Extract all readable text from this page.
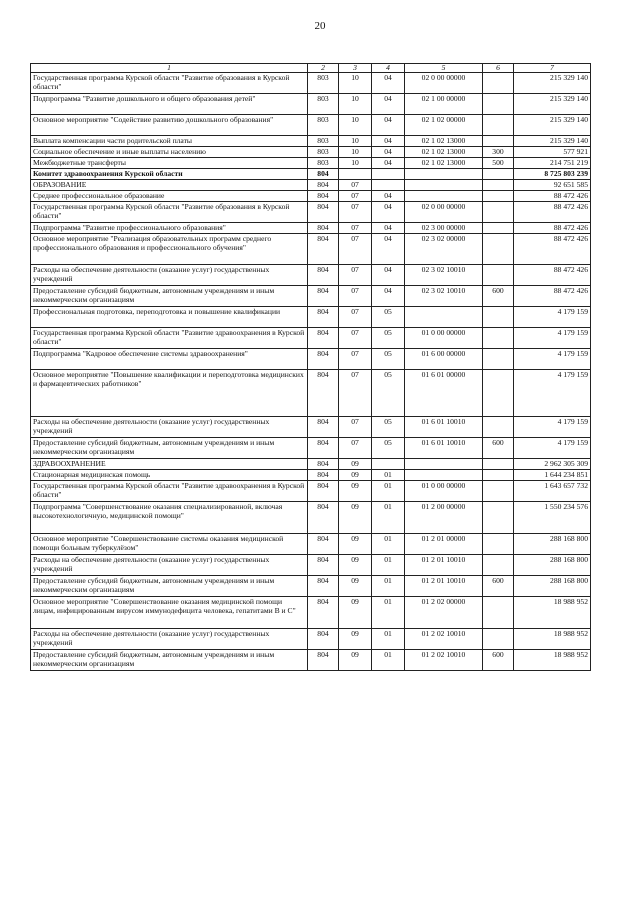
20
1	2	3	4	5	6	7
Государственная программа Курской области "Развитие образования в Курской области"	803	10	04	02 0 00 00000		215 329 140
Подпрограмма "Развитие дошкольного и общего образования детей"	803	10	04	02 1 00 00000		215 329 140
Основное мероприятие "Содействие развитию дошкольного образования"	803	10	04	02 1 02 00000		215 329 140
Выплата компенсации части родительской платы	803	10	04	02 1 02 13000		215 329 140
Социальное обеспечение и иные выплаты населению	803	10	04	02 1 02 13000	300	577 921
Межбюджетные трансферты	803	10	04	02 1 02 13000	500	214 751 219
Комитет здравоохранения Курской области	804					8 725 803 239
ОБРАЗОВАНИЕ	804	07				92 651 585
Среднее профессиональное образование	804	07	04			88 472 426
Государственная программа Курской области "Развитие образования в Курской области"	804	07	04	02 0 00 00000		88 472 426
Подпрограмма "Развитие профессионального образования"	804	07	04	02 3 00 00000		88 472 426
Основное мероприятие "Реализация образовательных программ среднего профессионального образования и профессионального обучения"	804	07	04	02 3 02 00000		88 472 426
Расходы на обеспечение деятельности (оказание услуг) государственных учреждений	804	07	04	02 3 02 10010		88 472 426
Предоставление субсидий бюджетным, автономным учреждениям и иным некоммерческим организациям	804	07	04	02 3 02 10010	600	88 472 426
Профессиональная подготовка, переподготовка и повышение квалификации	804	07	05			4 179 159
Государственная программа Курской области "Развитие здравоохранения в Курской области"	804	07	05	01 0 00 00000		4 179 159
Подпрограмма "Кадровое обеспечение системы здравоохранения"	804	07	05	01 6 00 00000		4 179 159
Основное мероприятие "Повышение квалификации и переподготовка медицинских и фармацевтических работников"	804	07	05	01 6 01 00000		4 179 159
Расходы на обеспечение деятельности (оказание услуг) государственных учреждений	804	07	05	01 6 01 10010		4 179 159
Предоставление субсидий бюджетным, автономным учреждениям и иным некоммерческим организациям	804	07	05	01 6 01 10010	600	4 179 159
ЗДРАВООХРАНЕНИЕ	804	09				2 962 305 309
Стационарная медицинская помощь	804	09	01			1 644 234 851
Государственная программа Курской области "Развитие здравоохранения в Курской области"	804	09	01	01 0 00 00000		1 643 657 732
Подпрограмма "Совершенствование оказания специализированной, включая высокотехнологичную, медицинской помощи"	804	09	01	01 2 00 00000		1 550 234 576
Основное мероприятие "Совершенствование системы оказания медицинской помощи больным туберкулёзом"	804	09	01	01 2 01 00000		288 168 800
Расходы на обеспечение деятельности (оказание услуг) государственных учреждений	804	09	01	01 2 01 10010		288 168 800
Предоставление субсидий бюджетным, автономным учреждениям и иным некоммерческим организациям	804	09	01	01 2 01 10010	600	288 168 800
Основное мероприятие "Совершенствование оказания медицинской помощи лицам, инфицированным вирусом иммунодефицита человека, гепатитами В и С"	804	09	01	01 2 02 00000		18 988 952
Расходы на обеспечение деятельности (оказание услуг) государственных учреждений	804	09	01	01 2 02 10010		18 988 952
Предоставление субсидий бюджетным, автономным учреждениям и иным некоммерческим организациям	804	09	01	01 2 02 10010	600	18 988 952
